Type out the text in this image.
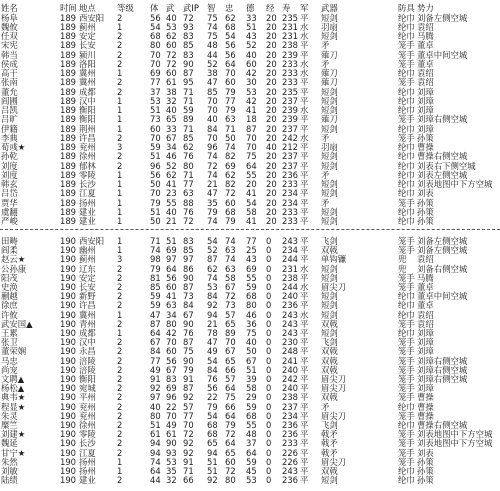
姓名	时间 地点	等级 体 武 武IP 智 忠 德 经 寿 军 武器	防具 势力
杨阜	189 西安阳 2	56 40 72 75 62 33 20 235 平 短剑	纶巾 刘备左侧空城
魏攸	189 蓟州	1	54 53 93 74 68 51 20 231 水 羽扇	纶巾 袁绍
任双	189 安定	2	68 62 83 75 54 43 20 231 水 短剑	纶巾 马腾
宋宪	189 长安	2	80 60 85 48 56 52 20 238 平 矛	笼手 董卓
韩当	189 颍川	2	70 72 83 44 56 40 20 239 平 薙刀	笼手 董卓中间空城
侯成	189 洛阳	2	70 72 90 52 64 60 20 233 水 矛	笼手 董卓
高干	189 冀州	1	69 60 87 38 70 42 20 233 水 薙刀	纶巾 袁绍
张南	189 冀州	2	77 61 95 47 60 30 20 233 平 薙刀	笼手 袁绍
董允	189 成都	2	37 38 71 85 79 53 20 235 平 短剑	纶巾 刘璋
阎圃	189 汉中	1	53 32 71 70 77 42 20 237 平 短剑	纶巾 刘璋
吕凯	189 衡阳	1	51 40 59 70 79 41 20 239 水 短剑	纶巾 刘璋
吕旷	189 衡阳	1	73 65 89 40 63 18 20 239 平 薙刀	笼手 刘璋右侧空城
伊籍	189 荆州	1	60 33 71 84 71 87 20 237 平 短剑	纶巾 刘璋
李典	189 许昌	2	70 67 85 70 50 70 20 242 水 矛	笼手 孙策
荀彧★	189 兖州	3	59 34 62 96 74 70 40 212 平 羽扇	纶巾 曹操
孙乾	189 徐州	2	51 46 76 74 82 75 20 237 平 短剑	纶巾 曹操右侧空城
刘度	189 郁林	2	96 52 80 72 69 64 20 237 平 短剑	纶巾 刘表右下侧空城
刘度	189 零陵	1	56 62 71 74 62 55 20 236 平 矛	纶巾 刘表左侧空城
韩玄	189 长沙	1	50 41 77 21 82 20 20 233 平 短剑	纶巾 刘表地图中下方空城
吕岱	189 江夏	1	70 23 63 47 72 41 20 234 平 短剑	纶巾 刘表
贾华	189 扬州	1	79 55 88 35 60 54 20 234 平 矛	笼手 孙策
虞翻	189 建业	1	51 40 76 79 68 58 20 233 平 短剑	纶巾 孙策
严峻	189 建业	1	50 21 72 74 79 41 20 233 平 短剑	纶巾 孙策
田畴	190 西安阳 1	71 51 83 54 74 77 0 243 平 飞剑	笼手 刘备左侧空城
阎柔	190 幽州	1	74 69 85 52 63 25 0 234 平 双戟	笼手 刘备左侧空城
赵云★	190 蓟州	3	98 97 97 87 74 43 0 244 平 单钩镰	兜 袁绍
公孙康	190 辽东	2	79 64 86 62 63 69 0 231 水 短剑	兜 刘备右侧空城
阳茂	190 安定	2	81 56 90 74 58 55 0 238 平 短剑	笼手 马腾
史涣	190 长安	2	85 60 87 53 67 59 0 244 水 眉尖刀	笼手 董卓
蒯越	190 新野	2	59 41 73 84 72 68 0 240 平 短剑	纶巾 董卓中间空城
徐庶	190 许昌	2	59 63 84 92 73 80 0 236 平 短剑	纶巾 董卓
许攸	190 冀州	1	47 34 67 94 57 46 0 243 水 短剑	纶巾 袁绍
武安国▲	190 青州	2	87 80 90 21 65 36 0 243 平 双戟	笼手 袁绍
王累	190 成都	1	64 42 76 78 89 75 0 243 平 短剑	纶巾 刘璋
张卫	190 汉中	2	67 70 87 47 70 40 0 230 平 飞剑	笼手 刘璋
董荣娴	190 永昌	2	84 60 75 49 67 50 0 248 平 双戟	笼手 刘璋
马忠	190 涪陵	2	77 56 90 54 65 67 0 241 平 双戟	笼手 刘璋右侧空城
尚宠	190 涪陵	2	49 67 79 84 66 51 0 240 平 双戟	笼手 刘璋右侧空城
文聘▲	190 衡阳	2	91 83 91 76 57 39 0 242 平 眉尖刀	笼手 刘璋右侧空城
杨松▲	190 宛城	2	92 69 87 56 64 58 0 240 平 眉尖刀	笼手 刘璋
典韦★	190 平州	2	97 96 92 22 75 29 0 238 平 双戟	笼手 曹操
程显★	190 兖州	2	40 22 57 79 66 59 0 237 平 矛	纶巾 曹操
朱灵	190 兖州	2	80 70 77 54 64 68 0 234 平 眉尖刀	笼手 曹操
糜竺	190 徐州	2	51 49 70 68 79 55 0 236 平 飞剑	纶巾 曹操右侧空城
刘建★	190 零陵	2	61 61 72 68 72 48 0 236 平 戟矛	笼手 刘表地图中下方空城
魏延	190 长沙	2	94 90 92 65 64 37 0 233 平 戟矛	笼手 刘表地图中下方空城
甘宁★	190 江夏	2	94 93 92 94 65 64 0 226 平 戟矛	笼手 刘表
朱然	190 扬州	1	74 53 91 51 60 59 0 226 平 眉尖刀	笼手 孙策
刘敏	190 扬州	1	64 35 71 51 72 45 0 243 平 双戟	纶巾 孙策
陆绩	190 建业	2	44 32 66 92 80 53 0 236 平 短剑	纶巾 孙策
